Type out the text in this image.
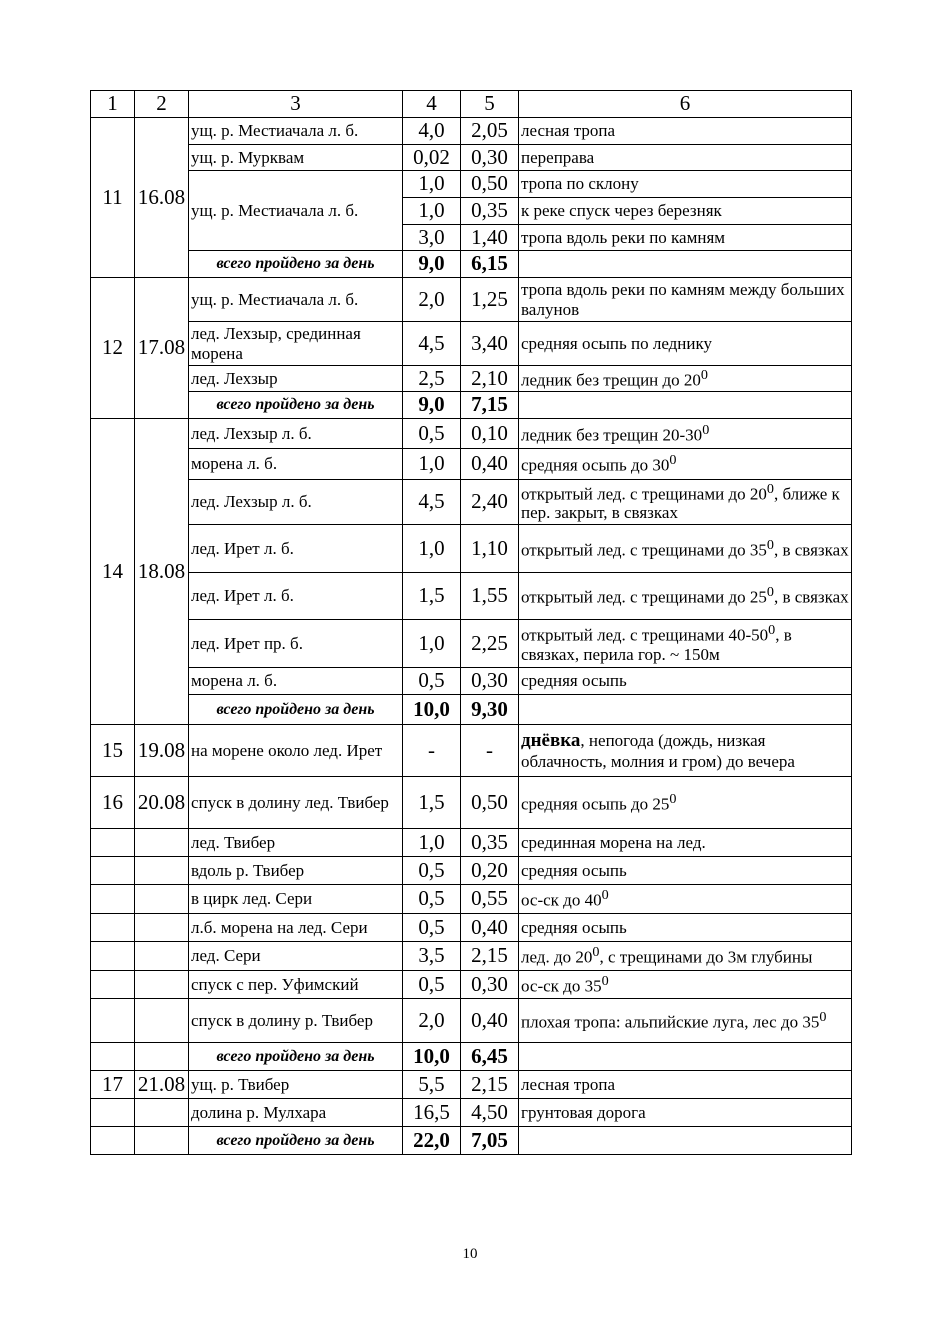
1	2	3	4	5	6
11	16.08	ущ. р. Местиачала л. б.	4,0	2,05	лесная тропа
		ущ. р. Мурквам	0,02	0,30	переправа
		ущ. р. Местиачала л. б.	1,0	0,50	тропа по склону
			1,0	0,35	к реке спуск через березняк
			3,0	1,40	тропа вдоль реки по камням
		всего пройдено за день	9,0	6,15	
12	17.08	ущ. р. Местиачала л. б.	2,0	1,25	тропа вдоль реки по камням между больших валунов
		лед. Лехзыр, срединная морена	4,5	3,40	средняя осыпь по леднику
		лед. Лехзыр	2,5	2,10	ледник без трещин до $20^0$
		всего пройдено за день	9,0	7,15	
14	18.08	лед. Лехзыр л. б.	0,5	0,10	ледник без трещин $20-30^0$
		морена л. б.	1,0	0,40	средняя осыпь до $30^0$
		лед. Лехзыр л. б.	4,5	2,40	открытый лед. с трещинами до $20^0$, ближе к пер. закрыт, в связках
		лед. Ирет л. б.	1,0	1,10	открытый лед. с трещинами до $35^0$, в связках
		лед. Ирет л. б.	1,5	1,55	открытый лед. с трещинами до $25^0$, в связках
		лед. Ирет пр. б.	1,0	2,25	открытый лед. с трещинами $40-50^0$, в связках, перила гор. ~ 150м
		морена л. б.	0,5	0,30	средняя осыпь
		всего пройдено за день	10,0	9,30	
15	19.08	на морене около лед. Ирет	-	-	днёвка, непогода (дождь, низкая облачность, молния и гром) до вечера
16	20.08	спуск в долину лед. Твибер	1,5	0,50	средняя осыпь до $25^0$
		лед. Твибер	1,0	0,35	срединная морена на лед.
		вдоль р. Твибер	0,5	0,20	средняя осыпь
		в цирк лед. Сери	0,5	0,55	ос-ск до $40^0$
		л.б. морена на лед. Сери	0,5	0,40	средняя осыпь
		лед. Сери	3,5	2,15	лед. до $20^0$, с трещинами до 3м глубины
		спуск с пер. Уфимский	0,5	0,30	ос-ск до $35^0$
		спуск в долину р. Твибер	2,0	0,40	плохая тропа: альпийские луга, лес до $35^0$
		всего пройдено за день	10,0	6,45	
17	21.08	ущ. р. Твибер	5,5	2,15	лесная тропа
		долина р. Мулхара	16,5	4,50	грунтовая дорога
		всего пройдено за день	22,0	7,05	
10
